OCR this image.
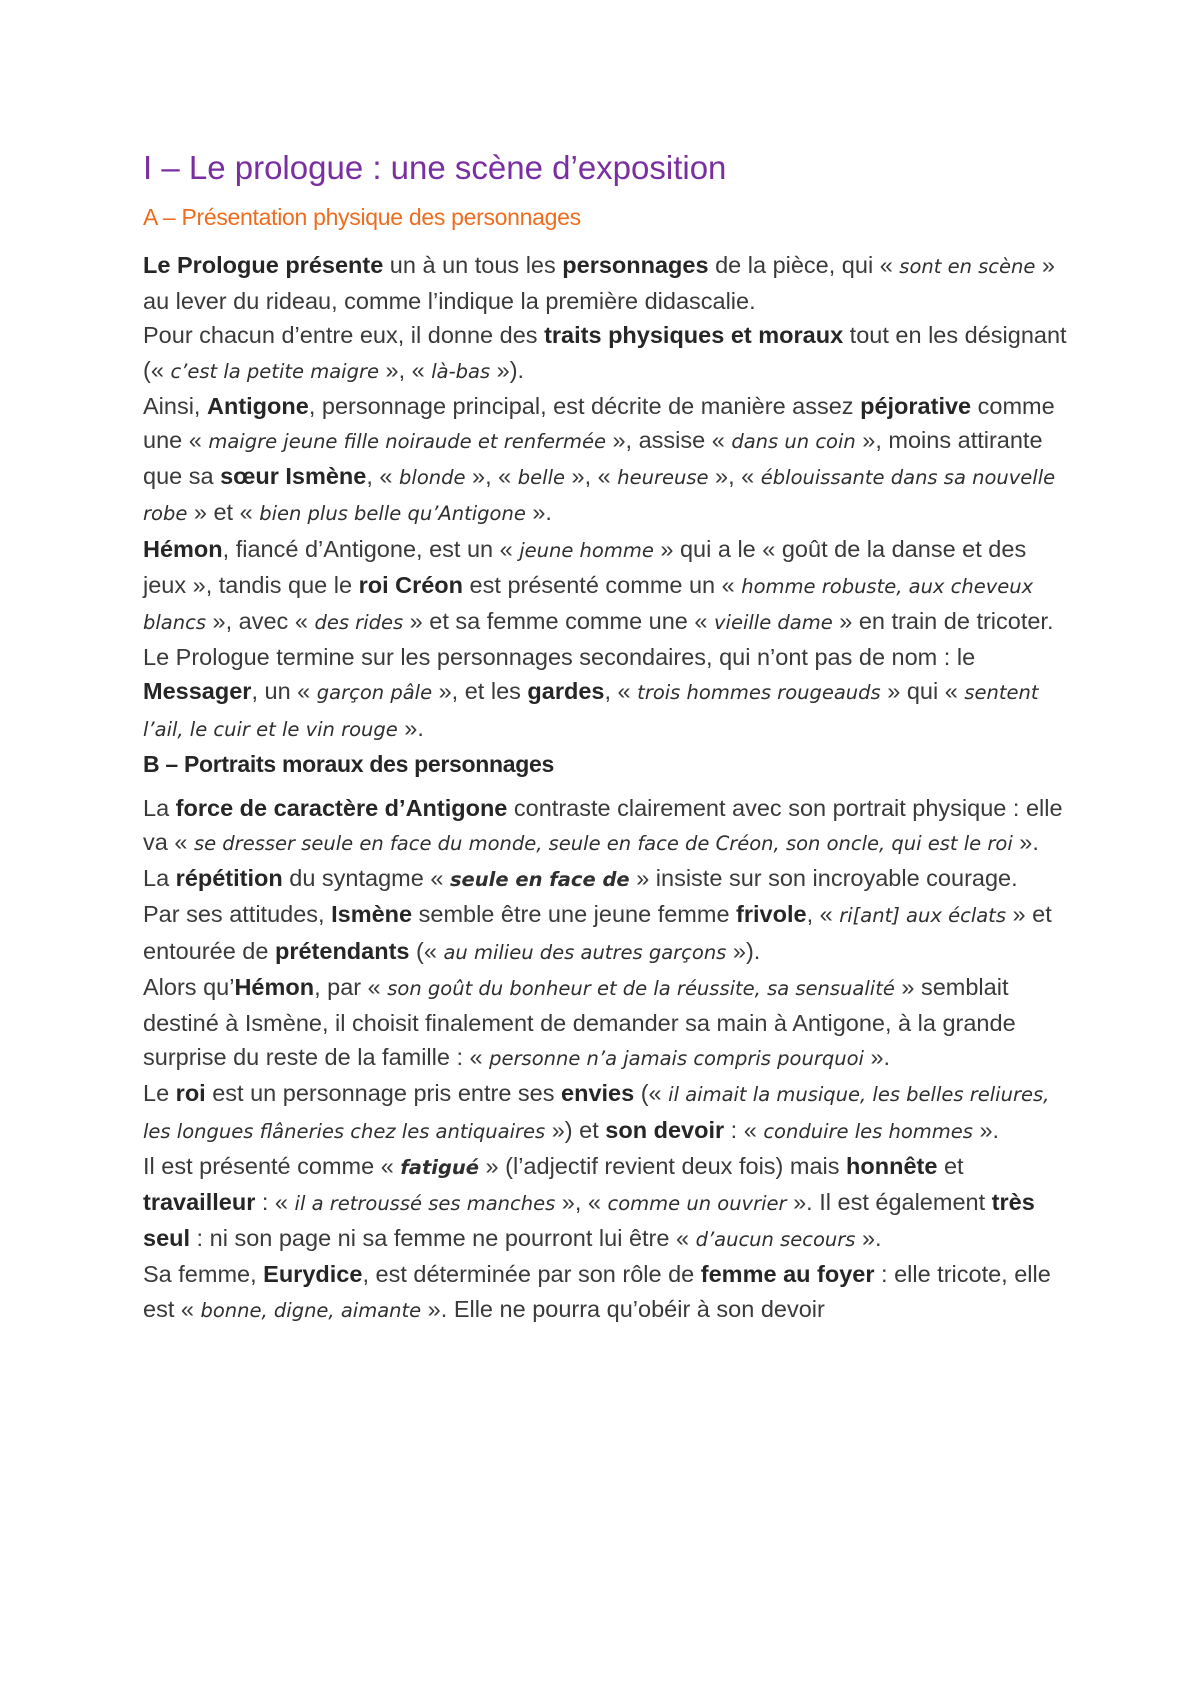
I – Le prologue : une scène d’exposition
A – Présentation physique des personnages

Le Prologue présente un à un tous les personnages de la pièce, qui « sont en scène » au lever du rideau, comme l’indique la première didascalie.

Pour chacun d’entre eux, il donne des traits physiques et moraux tout en les désignant (« c’est la petite maigre », « là-bas »).

Ainsi, Antigone, personnage principal, est décrite de manière assez péjorative comme une « maigre jeune fille noiraude et renfermée », assise « dans un coin », moins attirante que sa sœur Ismène, « blonde », « belle », « heureuse », « éblouissante dans sa nouvelle robe » et « bien plus belle qu’Antigone ».

Hémon, fiancé d’Antigone, est un « jeune homme » qui a le « goût de la danse et des jeux », tandis que le roi Créon est présenté comme un « homme robuste, aux cheveux blancs », avec « des rides » et sa femme comme une « vieille dame » en train de tricoter.

Le Prologue termine sur les personnages secondaires, qui n’ont pas de nom : le Messager, un « garçon pâle », et les gardes, « trois hommes rougeauds » qui « sentent l’ail, le cuir et le vin rouge ».

B – Portraits moraux des personnages

La force de caractère d’Antigone contraste clairement avec son portrait physique : elle va « se dresser seule en face du monde, seule en face de Créon, son oncle, qui est le roi ».

La répétition du syntagme « seule en face de » insiste sur son incroyable courage.

Par ses attitudes, Ismène semble être une jeune femme frivole, « ri[ant] aux éclats » et entourée de prétendants (« au milieu des autres garçons »).

Alors qu’Hémon, par « son goût du bonheur et de la réussite, sa sensualité » semblait destiné à Ismène, il choisit finalement de demander sa main à Antigone, à la grande surprise du reste de la famille : « personne n’a jamais compris pourquoi ».

Le roi est un personnage pris entre ses envies (« il aimait la musique, les belles reliures, les longues flâneries chez les antiquaires ») et son devoir : « conduire les hommes ».

Il est présenté comme « fatigué » (l’adjectif revient deux fois) mais honnête et travailleur : « il a retroussé ses manches », « comme un ouvrier ». Il est également très seul : ni son page ni sa femme ne pourront lui être « d’aucun secours ».

Sa femme, Eurydice, est déterminée par son rôle de femme au foyer : elle tricote, elle est « bonne, digne, aimante ». Elle ne pourra qu’obéir à son devoir
